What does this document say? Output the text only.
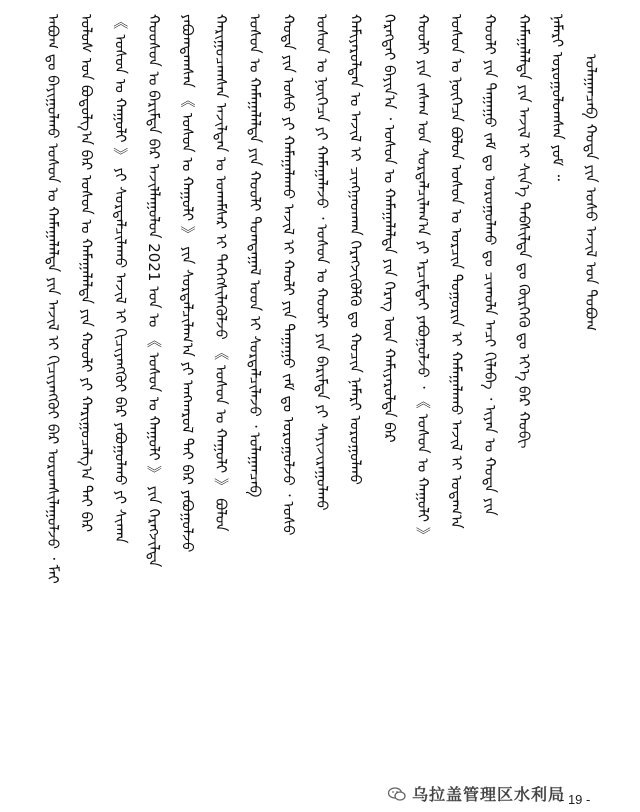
ᠠᠪᠤᠭ ᠳᠤ ᠪᠠᠶᠢᠭᠤᠯᠬᠤ ᠤᠰᠤᠨ ᠤ ᠬᠠᠮᠠᠭᠠᠯᠠᠯᠲᠠ ᠶᠢᠨ ᠠᠵᠢᠯ ᠢ ᠬᠢᠴᠢᠶᠡᠩᠭᠦᠢ ᠪᠡᠷ ᠤᠷᠤᠭᠰᠢᠯᠠᠭᠤᠯᠵᠤ ᠂ ᠮᠠᠢ ᠤᠯᠤᠰ ᠤᠨ ᠪᠣᠳᠣᠯᠭ᠎ᠠ ᠪᠠᠷ ᠤᠰᠤᠨ ᠤ ᠬᠠᠮᠠᠭᠠᠯᠠᠯᠲᠠ ᠶᠢᠨ ᠬᠤᠤᠯᠢ ᠶᠢ ᠬᠠᠷᠢᠭᠤᠴᠠᠯᠭ᠎ᠠ ᠲᠠᠢ ᠪᠠᠷ 《 ᠤᠰᠤᠨ ᠤ ᠬᠠᠭᠤᠯᠢ 》 ᠶᠢ ᠰᠤᠷᠲᠠᠯᠴᠢᠯᠠᠬᠤ ᠠᠵᠢᠯ ᠢ ᠬᠢᠴᠢᠶᠡᠩᠭᠦᠢ ᠪᠡᠷ ᠶᠠᠪᠤᠭᠤᠯᠬᠤ ᠶᠢ ᠰᠢᠬᠠᠨ ᠬᠣᠣᠰᠤᠨ ᠤ ᠪᠠᠷᠢᠮᠲᠠ ᠪᠠᠷ ᠠᠵᠢᠯᠯᠠᠭᠤᠯᠤᠨ 2021 ᠣᠨ ᠤ 《 ᠤᠰᠤᠨ ᠤ ᠬᠠᠭᠤᠯᠢ 》 ᠶᠢᠨ ᠬᠡᠷᠡᠭᠵᠢᠯᠲᠡ ᠶᠠᠪᠤᠭᠳᠠᠭᠰᠠᠨ 《 ᠤᠰᠤᠨ ᠤ ᠬᠠᠭᠤᠯᠢ 》 ᠶᠢᠨ ᠰᠤᠷᠲᠠᠯᠴᠢᠯᠠᠭ᠎ᠠ ᠶᠢ ᠠᠩᠬᠠᠷᠤᠯ ᠲᠠᠢ ᠪᠡᠷ ᠶᠠᠪᠤᠭᠤᠯᠵᠤ ᠬᠠᠷᠢᠭᠤᠴᠠᠭᠰᠠᠨ ᠠᠵᠢᠯᠲᠠᠨ ᠤ ᠤᠬᠠᠮᠰᠠᠷ ᠢ ᠳᠡᠭᠡᠭᠰᠢᠯᠡᠭᠦᠯᠵᠦ 《 ᠤᠰᠤᠨ ᠤ ᠬᠠᠭᠤᠯᠢ 》 ᠪᠣᠯᠣᠨ ᠤᠰᠤᠨ ᠤ ᠬᠠᠮᠠᠭᠠᠯᠠᠯᠲᠠ ᠶᠢᠨ ᠬᠤᠤᠯᠢ ᠲᠣᠭᠲᠠᠭᠠᠯ ᠤᠳ ᠢ ᠰᠤᠷᠲᠠᠯᠴᠢᠯᠠᠵᠤ ᠂ ᠤᠯᠠᠭᠠᠨᠴᠠᠪ ᠬᠤᠲᠠ ᠶᠢᠨ ᠤᠰᠤ ᠶᠢ ᠬᠠᠮᠠᠭᠠᠯᠠᠬᠤ ᠠᠵᠢᠯ ᠢ ᠬᠠᠤᠯᠢ ᠶᠢᠨ ᠳᠠᠭᠠᠭᠤ ᠵᠠᠮ ᠳᠤ ᠣᠷᠤᠭᠤᠯᠵᠤ ᠂ ᠤᠰᠤ ᠤᠰᠤᠨ ᠤ ᠨᠥᠭᠡᠴᠡ ᠶᠢ ᠬᠠᠮᠠᠭᠠᠯᠠᠵᠤ ᠂ ᠤᠰᠤᠨ ᠤ ᠬᠤᠤᠯᠢ ᠶᠢᠨ ᠪᠠᠷᠢᠮᠲᠠ ᠶᠢ ᠰᠠᠶᠢᠵᠢᠷᠠᠭᠤᠯᠬᠤ ᠬᠠᠮᠢᠶᠠᠷᠤᠯᠲᠠᠨ ᠤ ᠠᠵᠢᠯ ᠢ ᠴᠢᠩᠭᠠᠳᠬᠠᠨ ᠬᠡᠷᠡᠭᠵᠢᠭᠦᠯᠬᠦ ᠳᠤ ᠬᠤᠴᠢᠨ ᠨᠡᠮᠡᠷᠢ ᠣᠷᠤᠭᠤᠯᠬᠤ ᠬᠡᠷᠡᠭᠲᠡᠢ ᠪᠠᠶᠢᠨ᠎ᠠ ᠂ ᠤᠰᠤᠨ ᠤ ᠬᠠᠮᠠᠭᠠᠯᠠᠯᠲᠠ ᠶᠢᠨ ᠬᠡᠷᠡᠭ ᠦᠨ ᠬᠠᠮᠢᠶᠠᠷᠤᠯᠲᠠ ᠪᠠᠷ ᠬᠤᠤᠯᠢ ᠶᠢᠨ ᠵᠠᠰᠠᠭ ᠤᠨ ᠰᠤᠷᠲᠠᠯᠴᠢᠯᠠᠭ᠎ᠠ ᠶᠢ ᠡᠷᠴᠢᠮᠲᠡᠢ ᠶᠠᠪᠤᠭᠤᠯᠵᠤ ᠂ 《 ᠤᠰᠤᠨ ᠤ ᠬᠠᠭᠤᠯᠢ 》 ᠤᠰᠤᠨ ᠤ ᠨᠥᠭᠡᠴᠡ ᠪᠣᠯᠤᠨ ᠤᠰᠤᠨ ᠤ ᠣᠷᠴᠢᠨ ᠲᠣᠭᠣᠷᠢᠨ ᠢ ᠬᠠᠮᠠᠭᠠᠯᠠᠬᠤ ᠠᠵᠢᠯ ᠢ ᠤᠳᠠᠭ᠎ᠠ ᠬᠤᠤᠯᠢ ᠶᠢᠨ ᠳᠠᠭᠠᠭᠤ ᠵᠠᠮ ᠳᠤ ᠣᠷᠤᠭᠤᠯᠬᠤ ᠳᠤ ᠴᠢᠬᠤᠯᠠ ᠠᠴᠢ ᠬᠢᠯᠡᠪᠡ ᠂ ᠢᠶᠡᠨ ᠤ ᠬᠤᠲᠠ ᠶᠢᠨ ᠬᠠᠮᠠᠭᠠᠯᠠᠯᠲᠠ ᠶᠢᠨ ᠠᠵᠢᠯ ᠢ ᠰᠢᠨ᠎ᠡ ᠳᠡᠪᠰᠢᠯᠲᠡ ᠳᠤ ᠬᠦᠷᠭᠡᠬᠦ ᠳᠤ ᠡᠶ᠎ᠡ ᠪᠠᠷ ᠬᠤᠪᠢ ᠨᠡᠮᠡᠷᠢ ᠣᠷᠤᠭᠤᠯᠤᠭᠰᠠᠨ ᠶᠤᠮ ᠃ ᠤᠯᠠᠭᠠᠨᠴᠠᠪ ᠬᠤᠲᠠ ᠶᠢᠨ ᠤᠰᠤ ᠠᠵᠢᠯ ᠤᠨ ᠲᠤᠪᠣᠭ
乌拉盖管理区水利局
- 19 -
